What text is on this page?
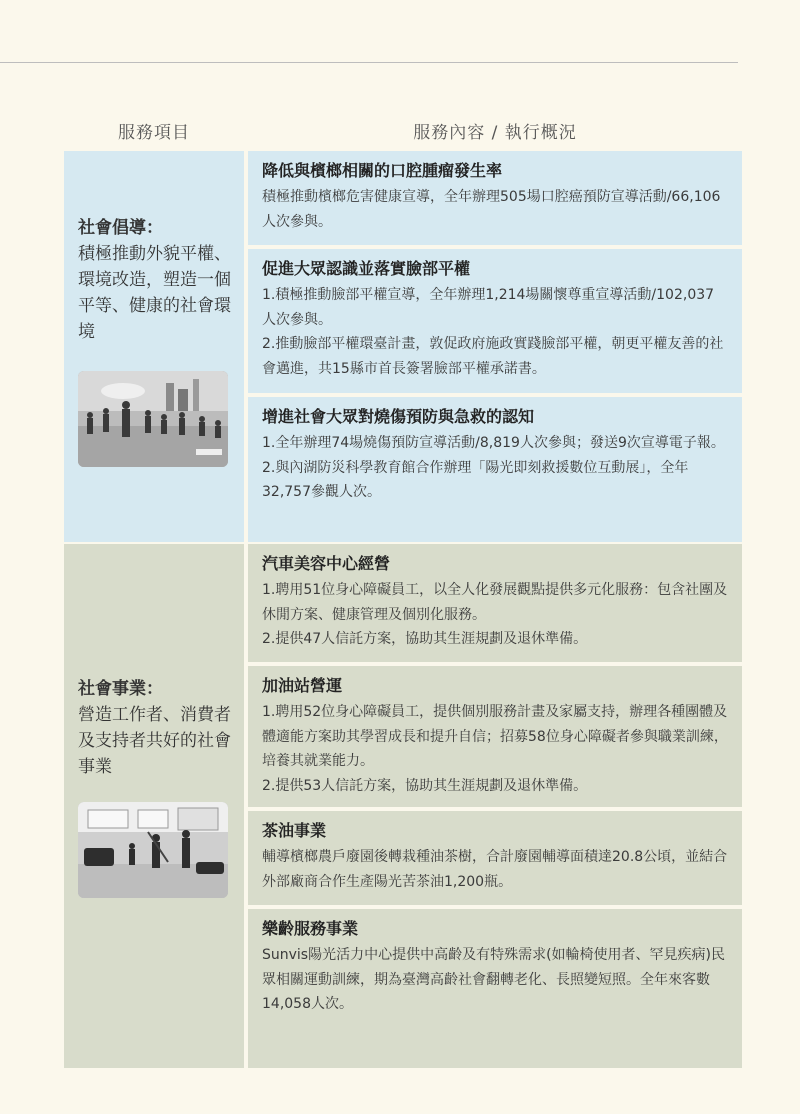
服務項目	服務內容 / 執行概況
社會倡導：
積極推動外貌平權、環境改造，塑造一個平等、健康的社會環境
降低與檳榔相關的口腔腫瘤發生率
積極推動檳榔危害健康宣導，全年辦理505場口腔癌預防宣導活動/66,106人次參與。
促進大眾認識並落實臉部平權
1.積極推動臉部平權宣導，全年辦理1,214場關懷尊重宣導活動/102,037人次參與。
2.推動臉部平權環臺計畫，敦促政府施政實踐臉部平權，朝更平權友善的社會邁進，共15縣市首長簽署臉部平權承諾書。
增進社會大眾對燒傷預防與急救的認知
1.全年辦理74場燒傷預防宣導活動/8,819人次參與；發送9次宣導電子報。
2.與內湖防災科學教育館合作辦理「陽光即刻救援數位互動展」，全年32,757參觀人次。
社會事業：
營造工作者、消費者及支持者共好的社會事業
汽車美容中心經營
1.聘用51位身心障礙員工，以全人化發展觀點提供多元化服務：包含社團及休閒方案、健康管理及個別化服務。
2.提供47人信託方案，協助其生涯規劃及退休準備。
加油站營運
1.聘用52位身心障礙員工，提供個別服務計畫及家屬支持，辦理各種團體及體適能方案助其學習成長和提升自信；招募58位身心障礙者參與職業訓練，培養其就業能力。
2.提供53人信託方案，協助其生涯規劃及退休準備。
茶油事業
輔導檳榔農戶廢園後轉栽種油茶樹，合計廢園輔導面積達20.8公頃，並結合外部廠商合作生產陽光苦茶油1,200瓶。
樂齡服務事業
Sunvis陽光活力中心提供中高齡及有特殊需求(如輪椅使用者、罕見疾病)民眾相關運動訓練，期為臺灣高齡社會翻轉老化、長照變短照。全年來客數14,058人次。
